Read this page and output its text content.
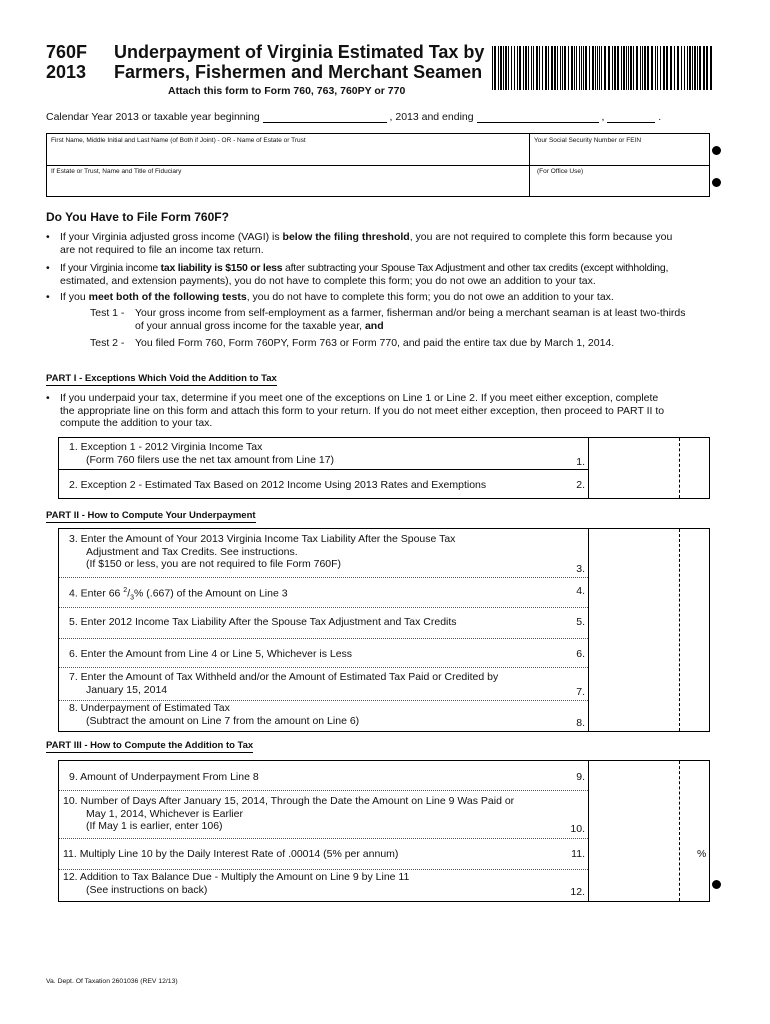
760F
2013
Underpayment of Virginia Estimated Tax by
Farmers, Fishermen and Merchant Seamen
Attach this form to Form 760, 763, 760PY or 770
Calendar Year 2013 or taxable year beginning	, 2013 and ending	,	.
First Name, Middle Initial and Last Name (of Both if Joint) - OR - Name of Estate or Trust	Your Social Security Number or FEIN
If Estate or Trust, Name and Title of Fiduciary	(For Office Use)
Do You Have to File Form 760F?
• If your Virginia adjusted gross income (VAGI) is below the filing threshold, you are not required to complete this form because you
are not required to file an income tax return.
• If your Virginia income tax liability is $150 or less after subtracting your Spouse Tax Adjustment and other tax credits (except withholding,
estimated, and extension payments), you do not have to complete this form; you do not owe an addition to your tax.
• If you meet both of the following tests, you do not have to complete this form; you do not owe an addition to your tax.
Test 1 - Your gross income from self-employment as a farmer, fisherman and/or being a merchant seaman is at least two-thirds
of your annual gross income for the taxable year, and
Test 2 - You filed Form 760, Form 760PY, Form 763 or Form 770, and paid the entire tax due by March 1, 2014.
PART I - Exceptions Which Void the Addition to Tax
• If you underpaid your tax, determine if you meet one of the exceptions on Line 1 or Line 2. If you meet either exception, complete
the appropriate line on this form and attach this form to your return. If you do not meet either exception, then proceed to PART II to
compute the addition to your tax.
1. Exception 1 - 2012 Virginia Income Tax
(Form 760 filers use the net tax amount from Line 17)	1.
2. Exception 2 - Estimated Tax Based on 2012 Income Using 2013 Rates and Exemptions	2.
PART II - How to Compute Your Underpayment
3. Enter the Amount of Your 2013 Virginia Income Tax Liability After the Spouse Tax
Adjustment and Tax Credits. See instructions.
(If $150 or less, you are not required to file Form 760F)	3.
4. Enter 66 $^2/_3\%$ (.667) of the Amount on Line 3	4.
5. Enter 2012 Income Tax Liability After the Spouse Tax Adjustment and Tax Credits	5.
6. Enter the Amount from Line 4 or Line 5, Whichever is Less	6.
7. Enter the Amount of Tax Withheld and/or the Amount of Estimated Tax Paid or Credited by
January 15, 2014	7.
8. Underpayment of Estimated Tax
(Subtract the amount on Line 7 from the amount on Line 6)	8.
PART III - How to Compute the Addition to Tax
9. Amount of Underpayment From Line 8	9.
10. Number of Days After January 15, 2014, Through the Date the Amount on Line 9 Was Paid or
May 1, 2014, Whichever is Earlier
(If May 1 is earlier, enter 106)	10.
11. Multiply Line 10 by the Daily Interest Rate of .00014 (5% per annum)	11.	%
12. Addition to Tax Balance Due - Multiply the Amount on Line 9 by Line 11
(See instructions on back)	12.
Va. Dept. Of Taxation 2601036 (REV 12/13)
